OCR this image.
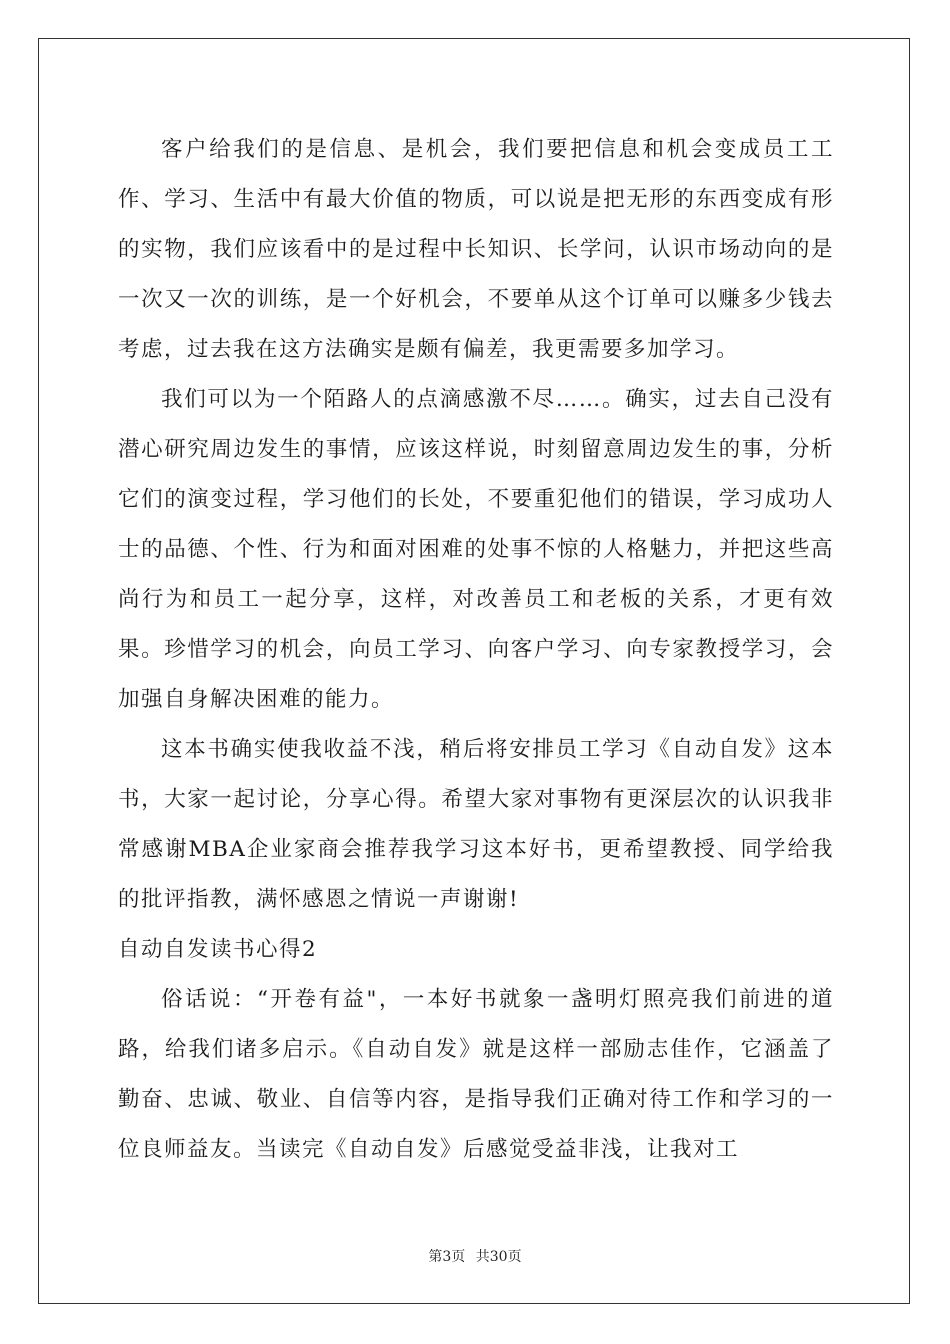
客户给我们的是信息、是机会，我们要把信息和机会变成员工工作、学习、生活中有最大价值的物质，可以说是把无形的东西变成有形的实物，我们应该看中的是过程中长知识、长学问，认识市场动向的是一次又一次的训练，是一个好机会，不要单从这个订单可以赚多少钱去考虑，过去我在这方法确实是颇有偏差，我更需要多加学习。

我们可以为一个陌路人的点滴感激不尽……。确实，过去自己没有潜心研究周边发生的事情，应该这样说，时刻留意周边发生的事，分析它们的演变过程，学习他们的长处，不要重犯他们的错误，学习成功人士的品德、个性、行为和面对困难的处事不惊的人格魅力，并把这些高尚行为和员工一起分享，这样，对改善员工和老板的关系，才更有效果。珍惜学习的机会，向员工学习、向客户学习、向专家教授学习，会加强自身解决困难的能力。

这本书确实使我收益不浅，稍后将安排员工学习《自动自发》这本书，大家一起讨论，分享心得。希望大家对事物有更深层次的认识我非常感谢MBA企业家商会推荐我学习这本好书，更希望教授、同学给我的批评指教，满怀感恩之情说一声谢谢!

自动自发读书心得2

俗话说：“开卷有益"，一本好书就象一盏明灯照亮我们前进的道路，给我们诸多启示。《自动自发》就是这样一部励志佳作，它涵盖了勤奋、忠诚、敬业、自信等内容，是指导我们正确对待工作和学习的一位良师益友。当读完《自动自发》后感觉受益非浅，让我对工

第3页 共30页
